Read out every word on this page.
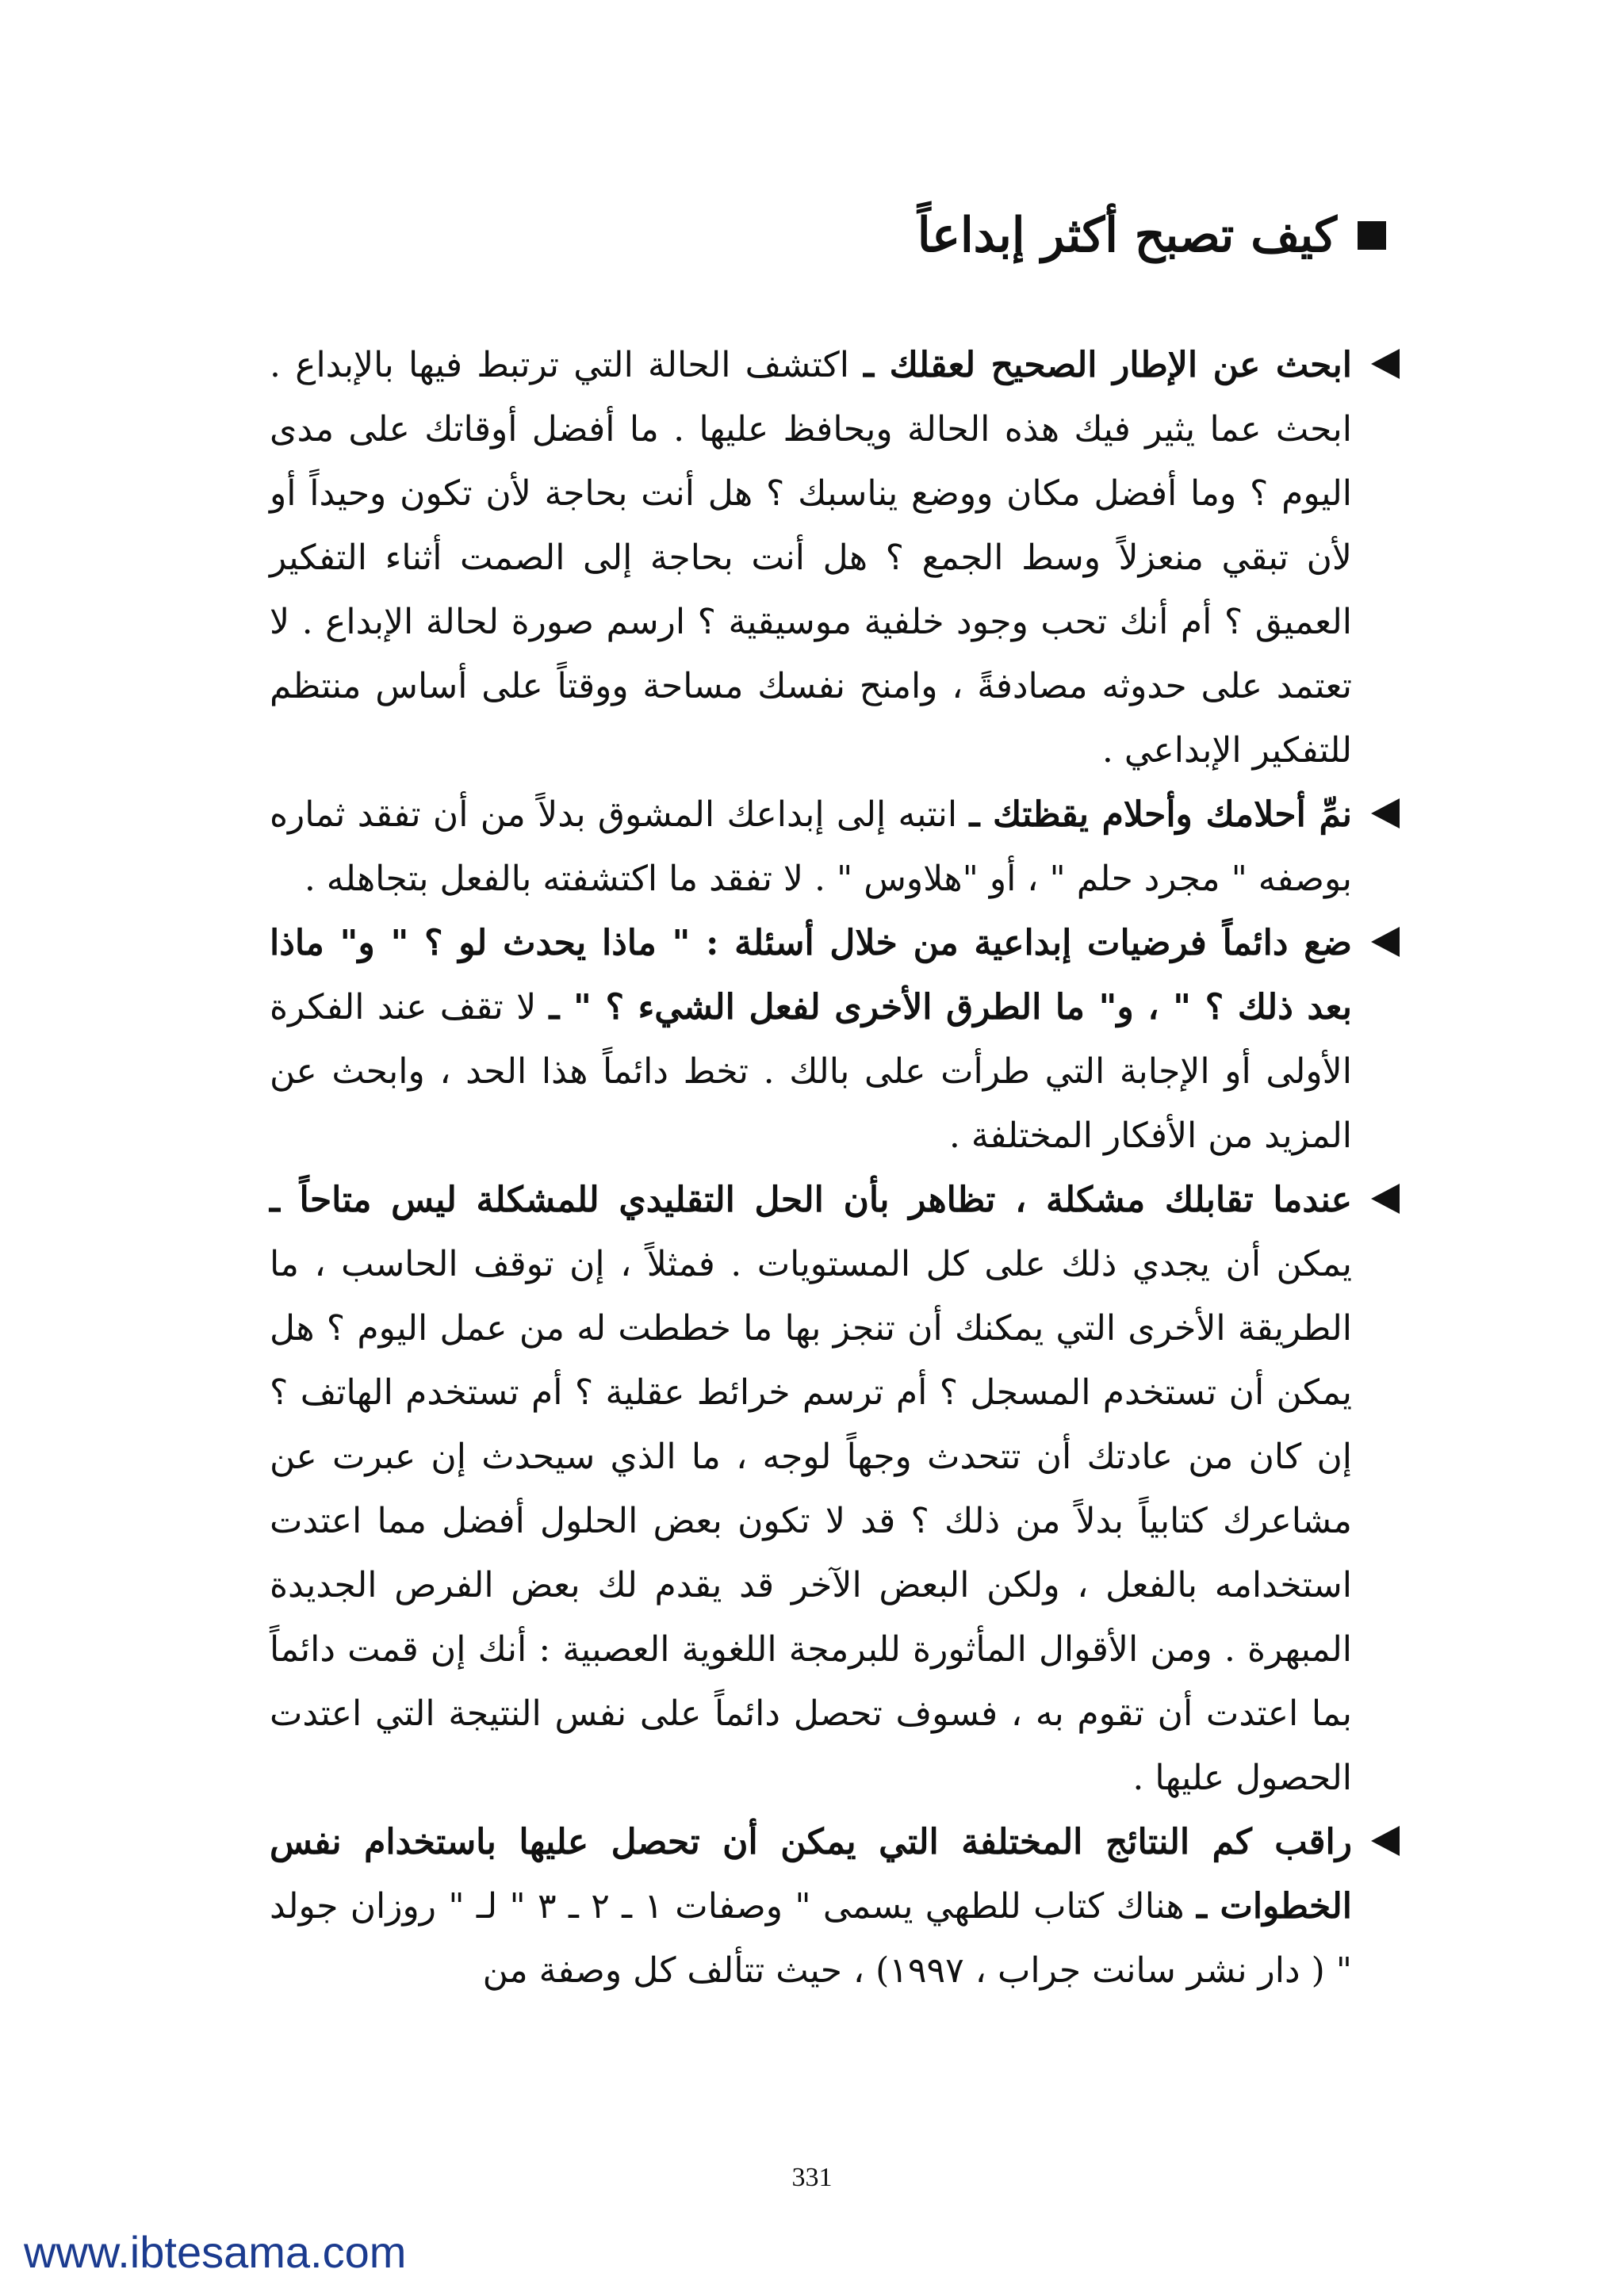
كيف تصبح أكثر إبداعاً

ابحث عن الإطار الصحيح لعقلك ـ اكتشف الحالة التي ترتبط فيها بالإبداع . ابحث عما يثير فيك هذه الحالة ويحافظ عليها . ما أفضل أوقاتك على مدى اليوم ؟ وما أفضل مكان ووضع يناسبك ؟ هل أنت بحاجة لأن تكون وحيداً أو لأن تبقي منعزلاً وسط الجمع ؟ هل أنت بحاجة إلى الصمت أثناء التفكير العميق ؟ أم أنك تحب وجود خلفية موسيقية ؟ ارسم صورة لحالة الإبداع . لا تعتمد على حدوثه مصادفةً ، وامنح نفسك مساحة ووقتاً على أساس منتظم للتفكير الإبداعي .

نمِّ أحلامك وأحلام يقظتك ـ انتبه إلى إبداعك المشوق بدلاً من أن تفقد ثماره بوصفه " مجرد حلم " ، أو "هلاوس " . لا تفقد ما اكتشفته بالفعل بتجاهله .

ضع دائماً فرضيات إبداعية من خلال أسئلة : " ماذا يحدث لو ؟ " و" ماذا بعد ذلك ؟ " ، و" ما الطرق الأخرى لفعل الشيء ؟ " ـ لا تقف عند الفكرة الأولى أو الإجابة التي طرأت على بالك . تخط دائماً هذا الحد ، وابحث عن المزيد من الأفكار المختلفة .

عندما تقابلك مشكلة ، تظاهر بأن الحل التقليدي للمشكلة ليس متاحاً ـ يمكن أن يجدي ذلك على كل المستويات . فمثلاً ، إن توقف الحاسب ، ما الطريقة الأخرى التي يمكنك أن تنجز بها ما خططت له من عمل اليوم ؟ هل يمكن أن تستخدم المسجل ؟ أم ترسم خرائط عقلية ؟ أم تستخدم الهاتف ؟ إن كان من عادتك أن تتحدث وجهاً لوجه ، ما الذي سيحدث إن عبرت عن مشاعرك كتابياً بدلاً من ذلك ؟ قد لا تكون بعض الحلول أفضل مما اعتدت استخدامه بالفعل ، ولكن البعض الآخر قد يقدم لك بعض الفرص الجديدة المبهرة . ومن الأقوال المأثورة للبرمجة اللغوية العصبية : أنك إن قمت دائماً بما اعتدت أن تقوم به ، فسوف تحصل دائماً على نفس النتيجة التي اعتدت الحصول عليها .

راقب كم النتائج المختلفة التي يمكن أن تحصل عليها باستخدام نفس الخطوات ـ هناك كتاب للطهي يسمى " وصفات ١ ـ ٢ ـ ٣ " لـ " روزان جولد " ( دار نشر سانت جراب ، ١٩٩٧) ، حيث تتألف كل وصفة من

331
www.ibtesama.com
